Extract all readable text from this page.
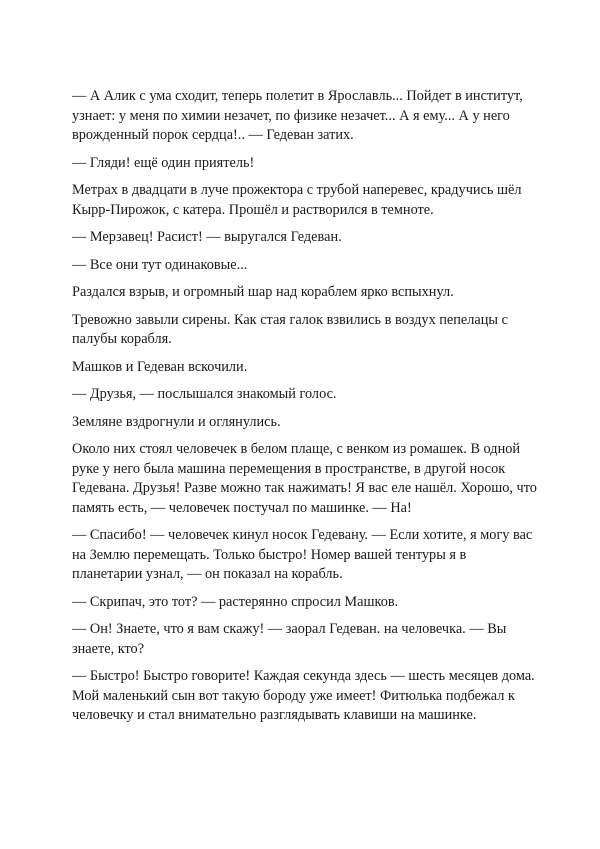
— А Алик с ума сходит, теперь полетит в Ярославль... Пойдет в институт, узнает: у меня по химии незачет, по физике незачет... А я ему... А у него врожденный порок сердца!.. — Гедеван затих.

— Гляди! ещё один приятель!

Метрах в двадцати в луче прожектора с трубой наперевес, крадучись шёл Кырр-Пирожок, с катера. Прошёл и растворился в темноте.

— Мерзавец! Расист! — выругался Гедеван.

— Все они тут одинаковые...

Раздался взрыв, и огромный шар над кораблем ярко вспыхнул.

Тревожно завыли сирены. Как стая галок взвились в воздух пепелацы с палубы корабля.

Машков и Гедеван вскочили.

— Друзья, — послышался знакомый голос.

Земляне вздрогнули и оглянулись.

Около них стоял человечек в белом плаще, с венком из ромашек. В одной руке у него была машина перемещения в пространстве, в другой носок Гедевана. Друзья! Разве можно так нажимать! Я вас еле нашёл. Хорошо, что память есть, — человечек постучал по машинке. — На!

— Спасибо! — человечек кинул носок Гедевану. — Если хотите, я могу вас на Землю перемещать. Только быстро! Номер вашей тентуры я в планетарии узнал, — он показал на корабль.

— Скрипач, это тот? — растерянно спросил Машков.

— Он! Знаете, что я вам скажу! — заорал Гедеван. на человечка. — Вы знаете, кто?

— Быстро! Быстро говорите! Каждая секунда здесь — шесть месяцев дома. Мой маленький сын вот такую бороду уже имеет! Фитюлька подбежал к человечку и стал внимательно разглядывать клавиши на машинке.
